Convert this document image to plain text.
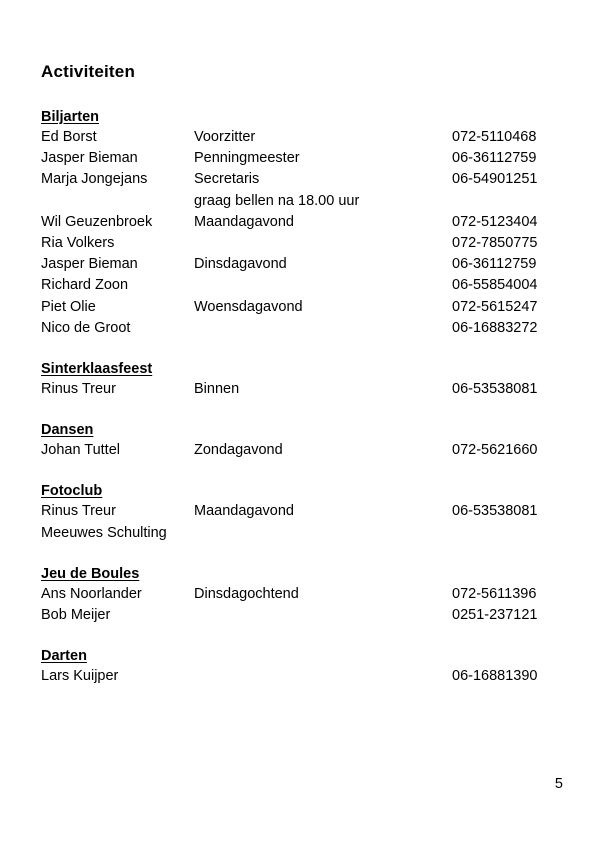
Activiteiten
Biljarten
Ed Borst	Voorzitter	072-5110468
Jasper Bieman	Penningmeester	06-36112759
Marja Jongejans	Secretaris	06-54901251
graag bellen na 18.00 uur
Wil Geuzenbroek	Maandagavond	072-5123404
Ria Volkers	072-7850775
Jasper Bieman	Dinsdagavond	06-36112759
Richard Zoon	06-55854004
Piet Olie	Woensdagavond	072-5615247
Nico de Groot	06-16883272
Sinterklaasfeest
Rinus Treur	Binnen	06-53538081
Dansen
Johan Tuttel	Zondagavond	072-5621660
Fotoclub
Rinus Treur	Maandagavond	06-53538081
Meeuwes Schulting
Jeu de Boules
Ans Noorlander	Dinsdagochtend	072-5611396
Bob Meijer	0251-237121
Darten
Lars Kuijper	06-16881390
5
